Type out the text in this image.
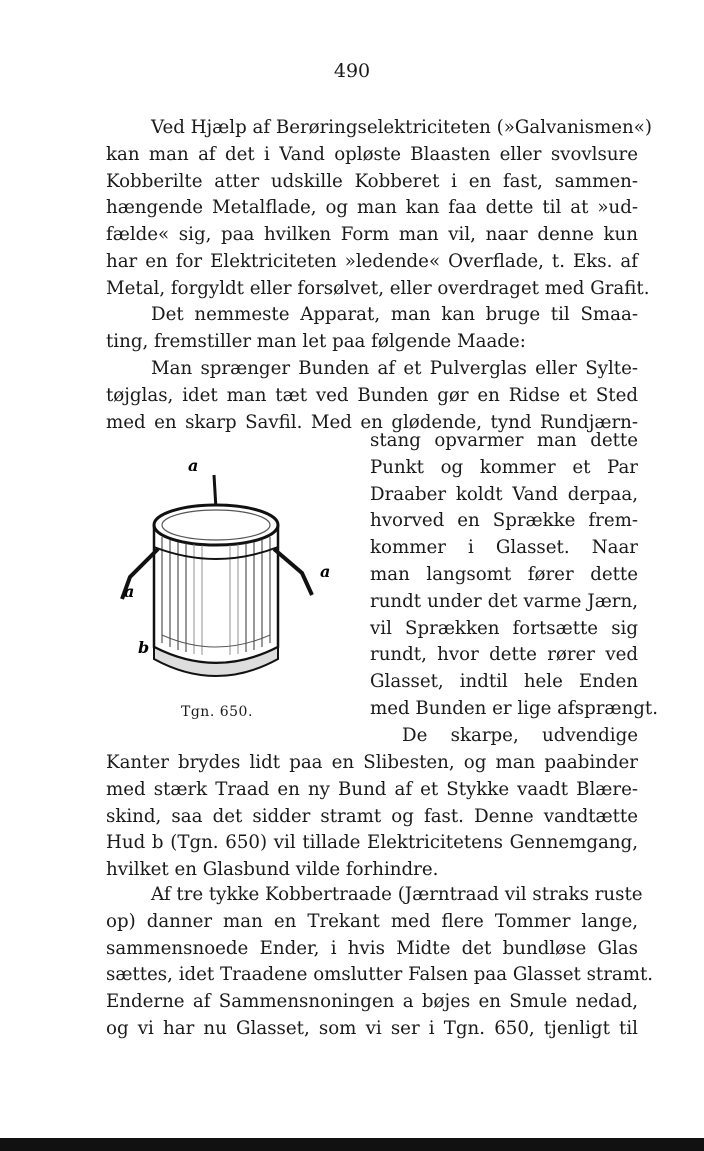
490
Ved Hjælp af Berøringselektriciteten (»Galvanismen«)
kan man af det i Vand opløste Blaasten eller svovlsure
Kobberilte atter udskille Kobberet i en fast, sammen-
hængende Metalflade, og man kan faa dette til at »ud-
fælde« sig, paa hvilken Form man vil, naar denne kun
har en for Elektriciteten »ledende« Overflade, t. Eks. af
Metal, forgyldt eller forsølvet, eller overdraget med Grafit.
Det nemmeste Apparat, man kan bruge til Smaa-
ting, fremstiller man let paa følgende Maade:
Man sprænger Bunden af et Pulverglas eller Sylte-
tøjglas, idet man tæt ved Bunden gør en Ridse et Sted
med en skarp Savfil. Med en glødende, tynd Rundjærn-
a
a
a
b
Tgn. 650.
stang opvarmer man dette
Punkt og kommer et Par
Draaber koldt Vand derpaa,
hvorved en Sprække frem-
kommer i Glasset. Naar
man langsomt fører dette
rundt under det varme Jærn,
vil Sprækken fortsætte sig
rundt, hvor dette rører ved
Glasset, indtil hele Enden
med Bunden er lige afsprængt.
De skarpe, udvendige
Kanter brydes lidt paa en Slibesten, og man paabinder
med stærk Traad en ny Bund af et Stykke vaadt Blære-
skind, saa det sidder stramt og fast. Denne vandtætte
Hud b (Tgn. 650) vil tillade Elektricitetens Gennemgang,
hvilket en Glasbund vilde forhindre.
Af tre tykke Kobbertraade (Jærntraad vil straks ruste
op) danner man en Trekant med flere Tommer lange,
sammensnoede Ender, i hvis Midte det bundløse Glas
sættes, idet Traadene omslutter Falsen paa Glasset stramt.
Enderne af Sammensnoningen a bøjes en Smule nedad,
og vi har nu Glasset, som vi ser i Tgn. 650, tjenligt til
